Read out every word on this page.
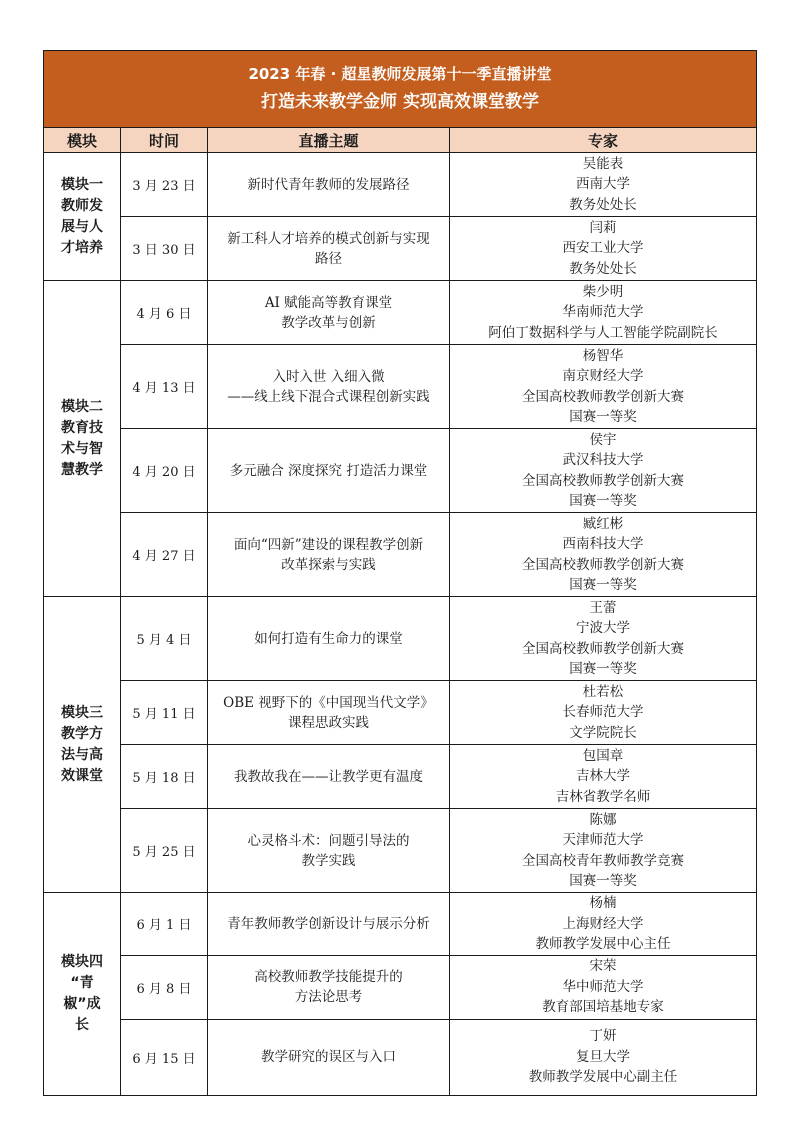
2023 年春 · 超星教师发展第十一季直播讲堂
打造未来教学金师 实现高效课堂教学			

模块	时间	直播主题	专家

模块一
教师发
展与人
才培养	3 月 23 日	新时代青年教师的发展路径	吴能表
西南大学
教务处处长

	3 日 30 日	新工科人才培养的模式创新与实现
路径	闫莉
西安工业大学
教务处处长

模块二
教育技
术与智
慧教学	4 月 6 日	AI 赋能高等教育课堂
教学改革与创新	柴少明
华南师范大学
阿伯丁数据科学与人工智能学院副院长

	4 月 13 日	入时入世 入细入微
——线上线下混合式课程创新实践	杨智华
南京财经大学
全国高校教师教学创新大赛
国赛一等奖

	4 月 20 日	多元融合 深度探究 打造活力课堂	侯宇
武汉科技大学
全国高校教师教学创新大赛
国赛一等奖

	4 月 27 日	面向“四新”建设的课程教学创新
改革探索与实践	臧红彬
西南科技大学
全国高校教师教学创新大赛
国赛一等奖

模块三
教学方
法与高
效课堂	5 月 4 日	如何打造有生命力的课堂	王蕾
宁波大学
全国高校教师教学创新大赛
国赛一等奖

	5 月 11 日	OBE 视野下的《中国现当代文学》
课程思政实践	杜若松
长春师范大学
文学院院长

	5 月 18 日	我教故我在——让教学更有温度	包国章
吉林大学
吉林省教学名师

	5 月 25 日	心灵格斗术：问题引导法的
教学实践	陈娜
天津师范大学
全国高校青年教师教学竞赛
国赛一等奖

模块四
“青
椒”成
长	6 月 1 日	青年教师教学创新设计与展示分析	杨楠
上海财经大学
教师教学发展中心主任

	6 月 8 日	高校教师教学技能提升的
方法论思考	宋荣
华中师范大学
教育部国培基地专家

	6 月 15 日	教学研究的误区与入口	丁妍
复旦大学
教师教学发展中心副主任
